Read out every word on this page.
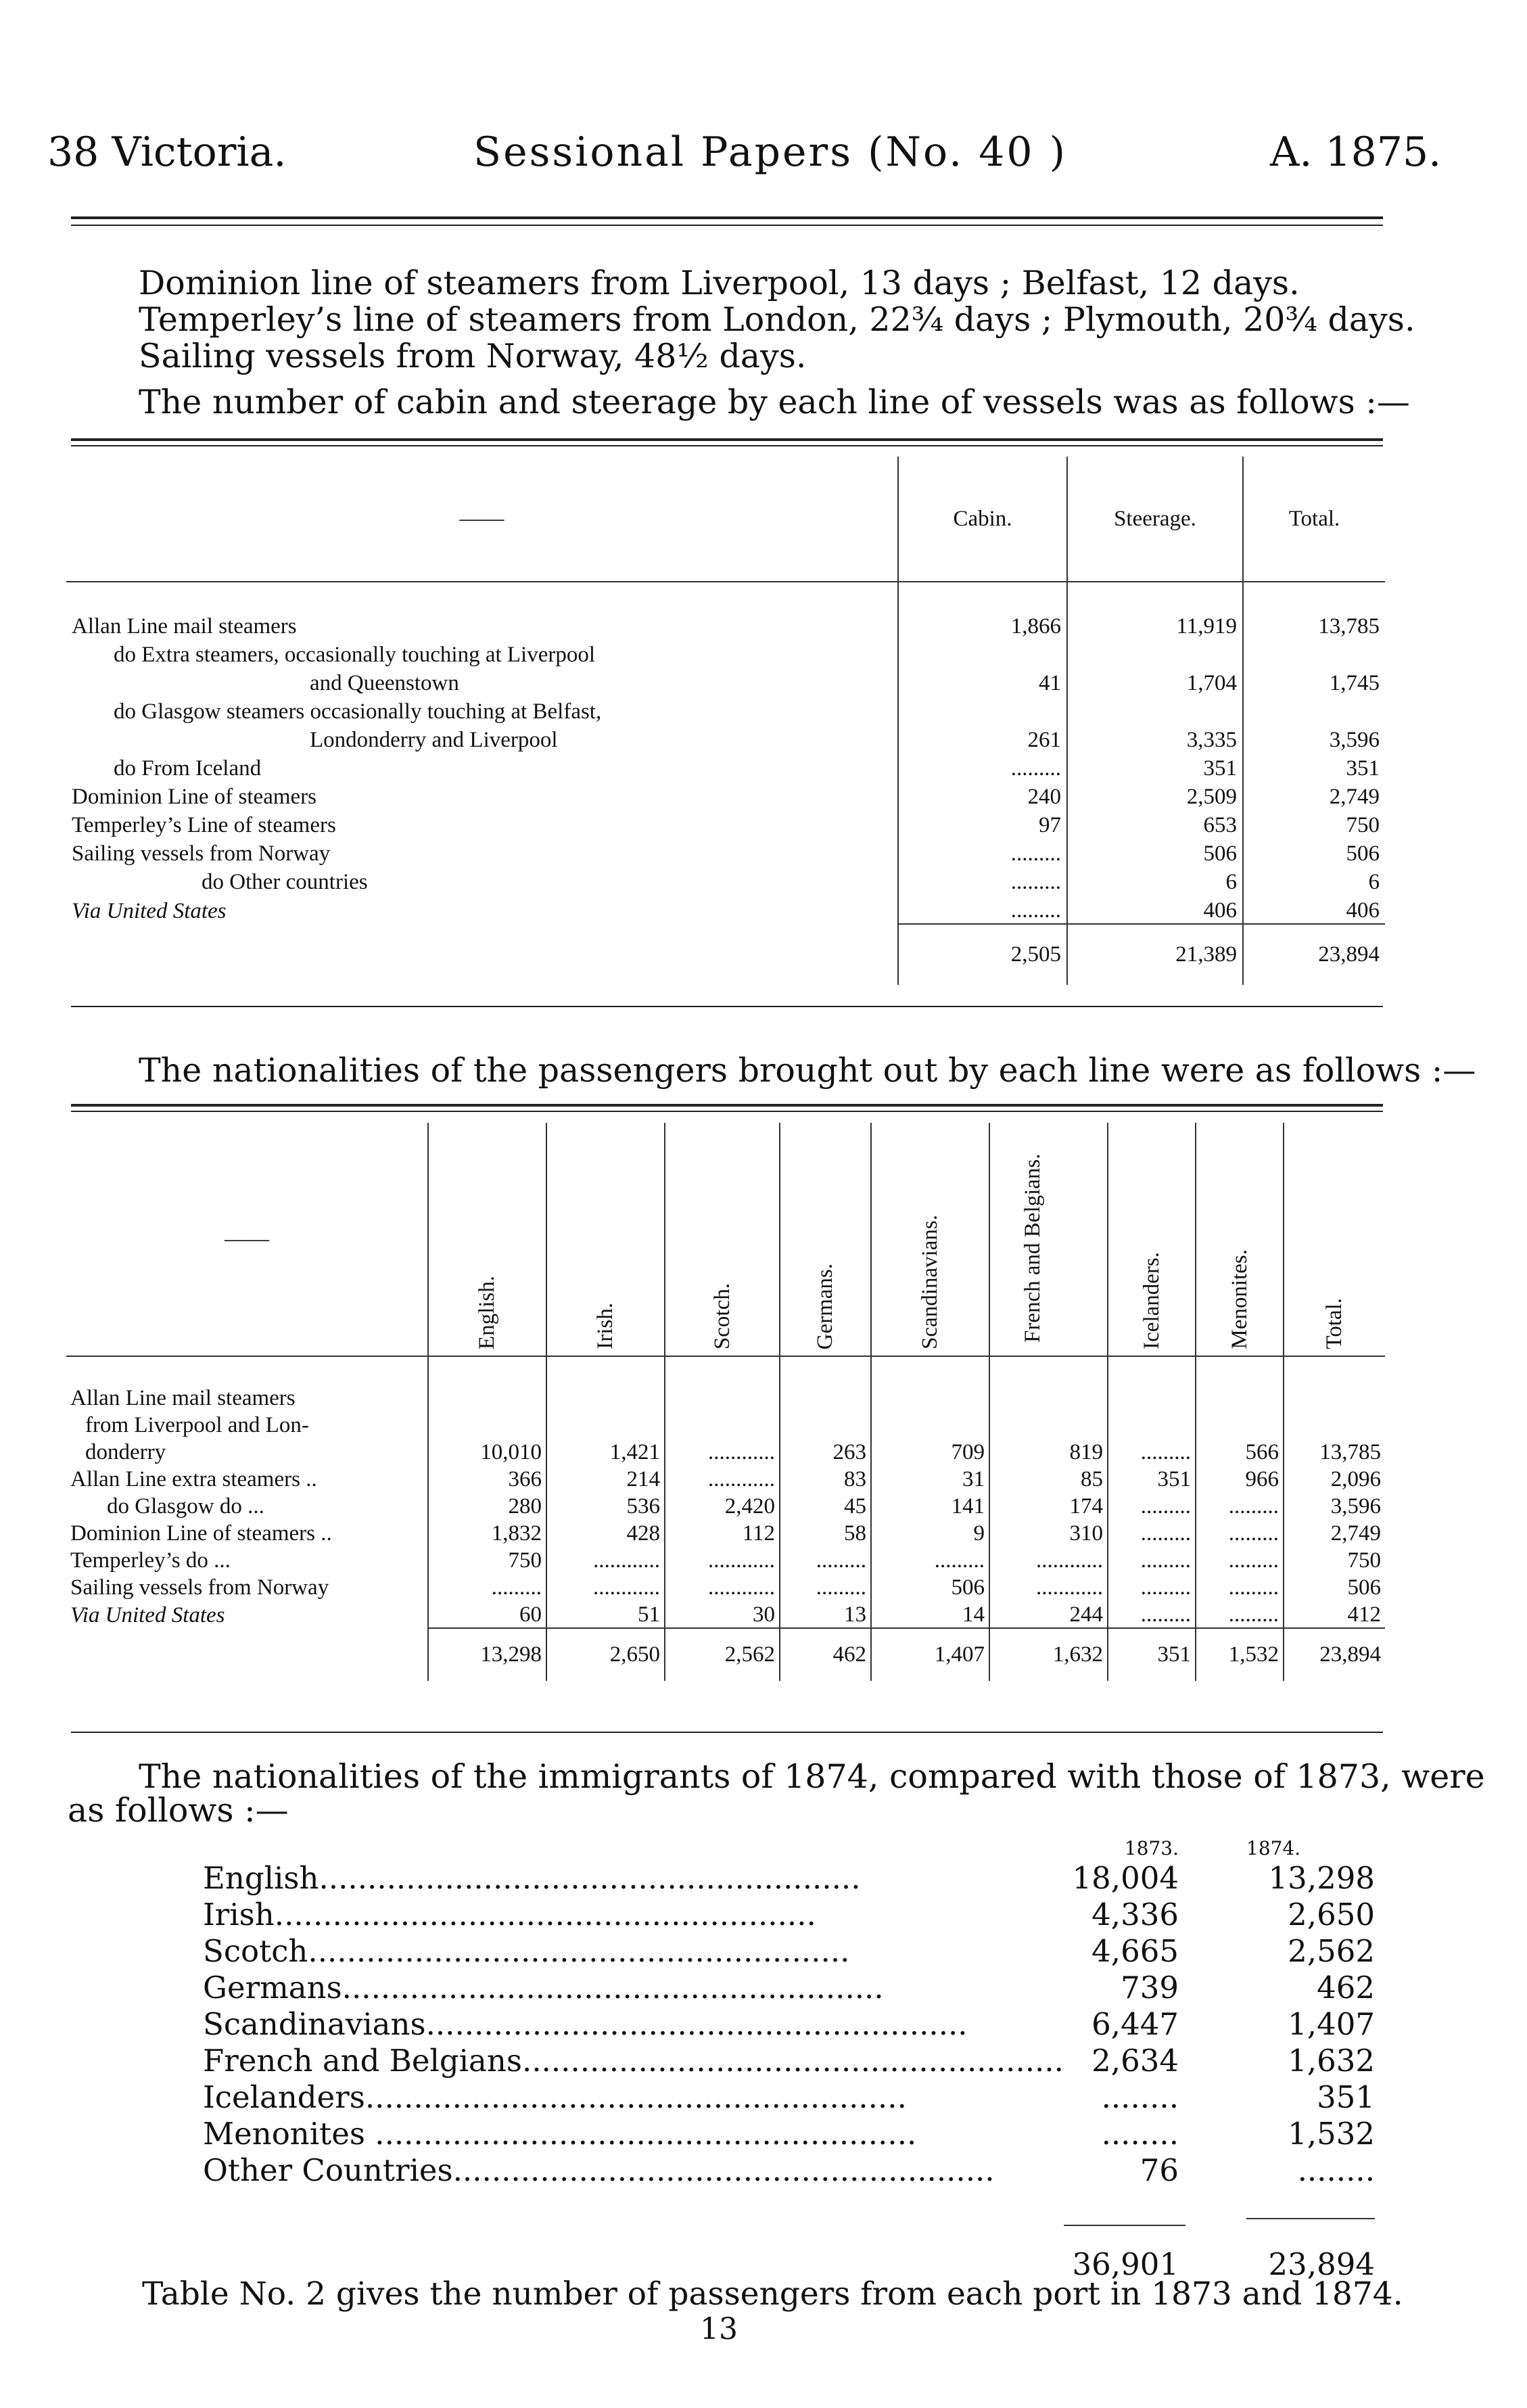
38 Victoria.	Sessional Papers (No. 40 )	A. 1875.
Dominion line of steamers from Liverpool, 13 days ; Belfast, 12 days.
Temperley’s line of steamers from London, 22¾ days ; Plymouth, 20¾ days.
Sailing vessels from Norway, 48½ days.
The number of cabin and steerage by each line of vessels was as follows :—
——	Cabin.	Steerage.	Total.

Allan Line mail steamers	1,866	11,919	13,785
do Extra steamers, occasionally touching at Liverpool			
and Queenstown	41	1,704	1,745
do Glasgow steamers occasionally touching at Belfast,			
Londonderry and Liverpool	261	3,335	3,596
do From Iceland	.........	351	351
Dominion Line of steamers	240	2,509	2,749
Temperley’s Line of steamers	97	653	750
Sailing vessels from Norway	.........	506	506
do Other countries	.........	6	6
Via United States	.........	406	406
	2,505	21,389	23,894
The nationalities of the passengers brought out by each line were as follows :—
——	English.	Irish.	Scotch.	Germans.	Scandinavians.	French and Belgians.	Icelanders.	Menonites.	Total.

Allan Line mail steamers									
from Liverpool and Lon-									
donderry	10,010	1,421	............	263	709	819	.........	566	13,785
Allan Line extra steamers ..	366	214	............	83	31	85	351	966	2,096
do Glasgow do ...	280	536	2,420	45	141	174	.........	.........	3,596
Dominion Line of steamers ..	1,832	428	112	58	9	310	.........	.........	2,749
Temperley’s do ...	750	............	............	.........	.........	............	.........	.........	750
Sailing vessels from Norway	.........	............	............	.........	506	............	.........	.........	506
Via United States	60	51	30	13	14	244	.........	.........	412
	13,298	2,650	2,562	462	1,407	1,632	351	1,532	23,894
The nationalities of the immigrants of 1874, compared with those of 1873, were
as follows :—
	1873.	1874.
English........................................................	18,004	13,298
Irish........................................................	4,336	2,650
Scotch........................................................	4,665	2,562
Germans........................................................	739	462
Scandinavians........................................................	6,447	1,407
French and Belgians........................................................	2,634	1,632
Icelanders........................................................	........	351
Menonites ........................................................	........	1,532
Other Countries........................................................	76	........

	36,901	23,894
Table No. 2 gives the number of passengers from each port in 1873 and 1874.
13
